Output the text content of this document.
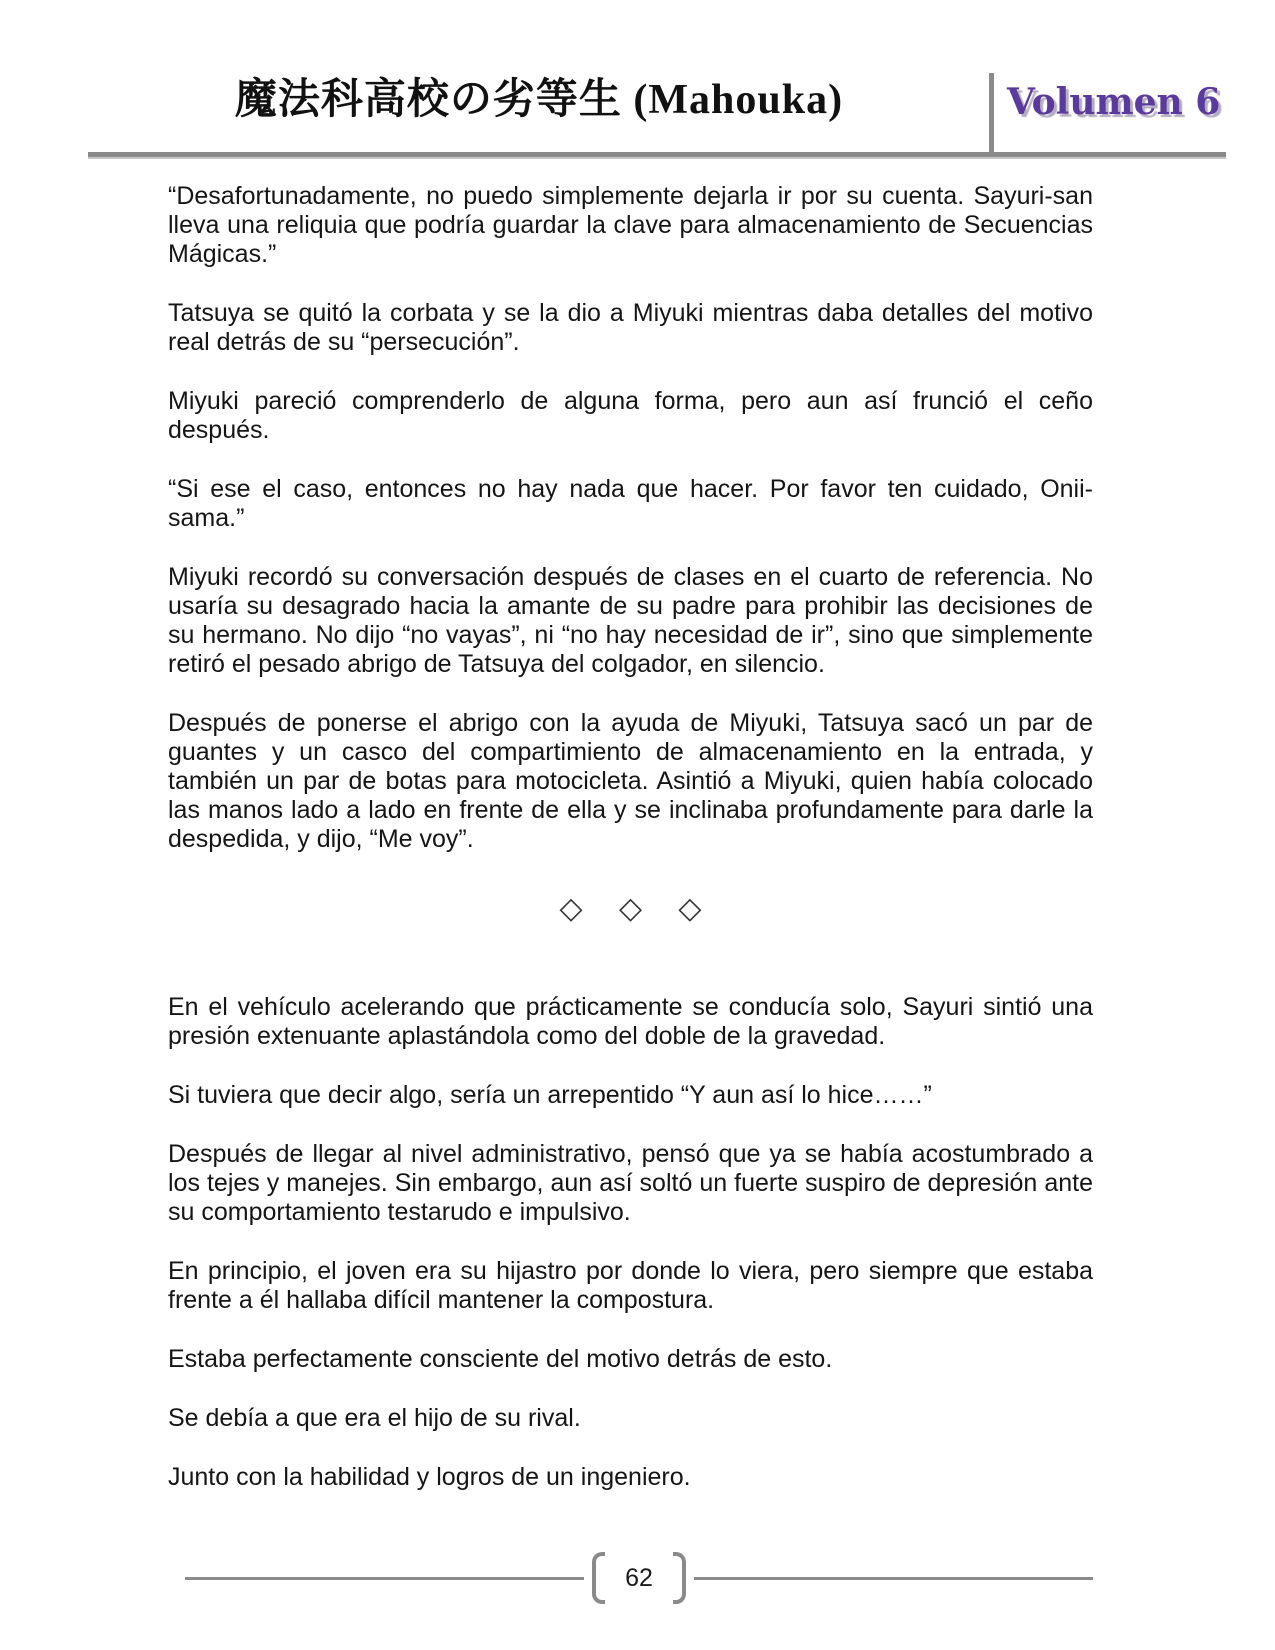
魔法科高校の劣等生 (Mahouka)	Volumen 6

“Desafortunadamente, no puedo simplemente dejarla ir por su cuenta. Sayuri-san lleva una reliquia que podría guardar la clave para almacenamiento de Secuencias Mágicas.”

Tatsuya se quitó la corbata y se la dio a Miyuki mientras daba detalles del motivo real detrás de su “persecución”.

Miyuki pareció comprenderlo de alguna forma, pero aun así frunció el ceño después.

“Si ese el caso, entonces no hay nada que hacer. Por favor ten cuidado, Onii-sama.”

Miyuki recordó su conversación después de clases en el cuarto de referencia. No usaría su desagrado hacia la amante de su padre para prohibir las decisiones de su hermano. No dijo “no vayas”, ni “no hay necesidad de ir”, sino que simplemente retiró el pesado abrigo de Tatsuya del colgador, en silencio.

Después de ponerse el abrigo con la ayuda de Miyuki, Tatsuya sacó un par de guantes y un casco del compartimiento de almacenamiento en la entrada, y también un par de botas para motocicleta. Asintió a Miyuki, quien había colocado las manos lado a lado en frente de ella y se inclinaba profundamente para darle la despedida, y dijo, “Me voy”.

◇ ◇ ◇

En el vehículo acelerando que prácticamente se conducía solo, Sayuri sintió una presión extenuante aplastándola como del doble de la gravedad.

Si tuviera que decir algo, sería un arrepentido “Y aun así lo hice……”

Después de llegar al nivel administrativo, pensó que ya se había acostumbrado a los tejes y manejes. Sin embargo, aun así soltó un fuerte suspiro de depresión ante su comportamiento testarudo e impulsivo.

En principio, el joven era su hijastro por donde lo viera, pero siempre que estaba frente a él hallaba difícil mantener la compostura.

Estaba perfectamente consciente del motivo detrás de esto.

Se debía a que era el hijo de su rival.

Junto con la habilidad y logros de un ingeniero.

62
